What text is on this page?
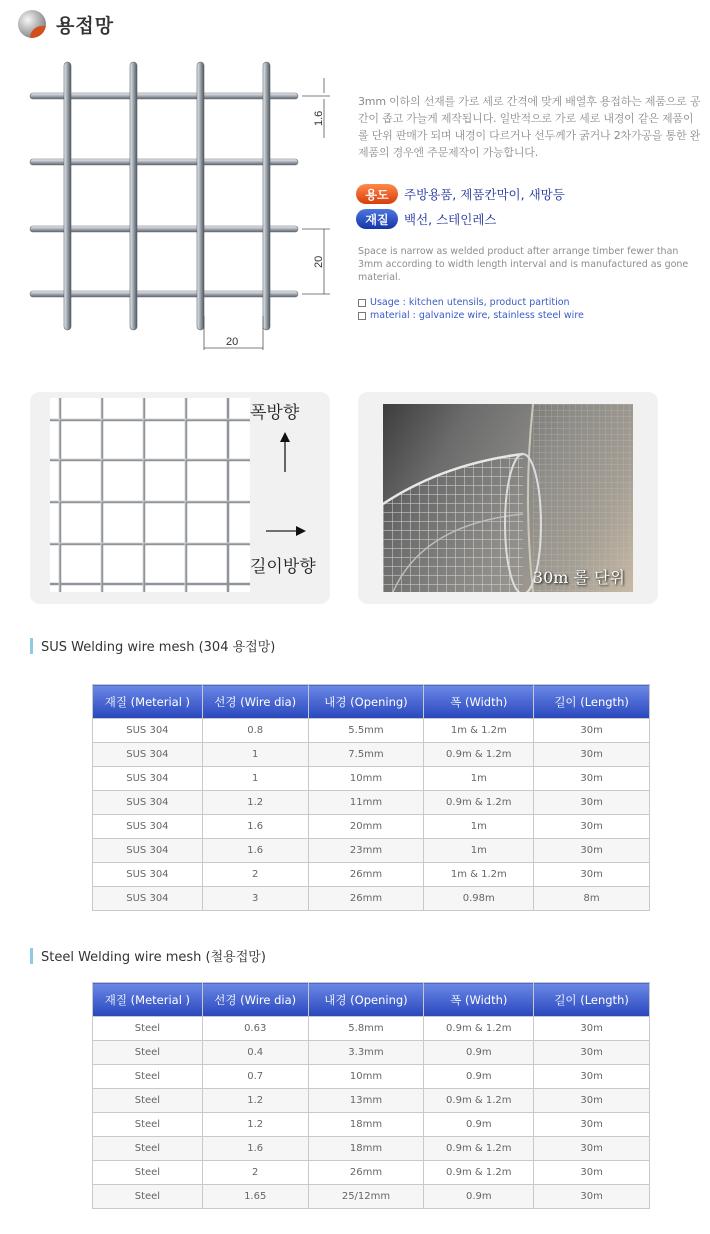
용접망
1.6
20
20
3mm 이하의 선재를 가로 세로 간격에 맞게 배열후 용접하는 제품으로 공간이 좁고 가늘게 제작됩니다. 일반적으로 가로 세로 내경이 같은 제품이 롤 단위 판매가 되며 내경이 다르거나 선두께가 굵거나 2차가공을 통한 완제품의 경우엔 주문제작이 가능합니다.
용도	주방용품, 제품칸막이, 새망등
재질	백선, 스테인레스
Space is narrow as welded product after arrange timber fewer than 3mm according to width length interval and is manufactured as gone material.
Usage : kitchen utensils, product partition
material : galvanize wire, stainless steel wire
폭방향
길이방향
30m 롤 단위
SUS Welding wire mesh (304 용접망)
재질 (Meterial )	선경 (Wire dia)	내경 (Opening)	폭 (Width)	길이 (Length)
SUS 304	0.8	5.5mm	1m & 1.2m	30m
SUS 304	1	7.5mm	0.9m & 1.2m	30m
SUS 304	1	10mm	1m	30m
SUS 304	1.2	11mm	0.9m & 1.2m	30m
SUS 304	1.6	20mm	1m	30m
SUS 304	1.6	23mm	1m	30m
SUS 304	2	26mm	1m & 1.2m	30m
SUS 304	3	26mm	0.98m	8m
Steel Welding wire mesh (철용접망)
재질 (Meterial )	선경 (Wire dia)	내경 (Opening)	폭 (Width)	길이 (Length)
Steel	0.63	5.8mm	0.9m & 1.2m	30m
Steel	0.4	3.3mm	0.9m	30m
Steel	0.7	10mm	0.9m	30m
Steel	1.2	13mm	0.9m & 1.2m	30m
Steel	1.2	18mm	0.9m	30m
Steel	1.6	18mm	0.9m & 1.2m	30m
Steel	2	26mm	0.9m & 1.2m	30m
Steel	1.65	25/12mm	0.9m	30m
